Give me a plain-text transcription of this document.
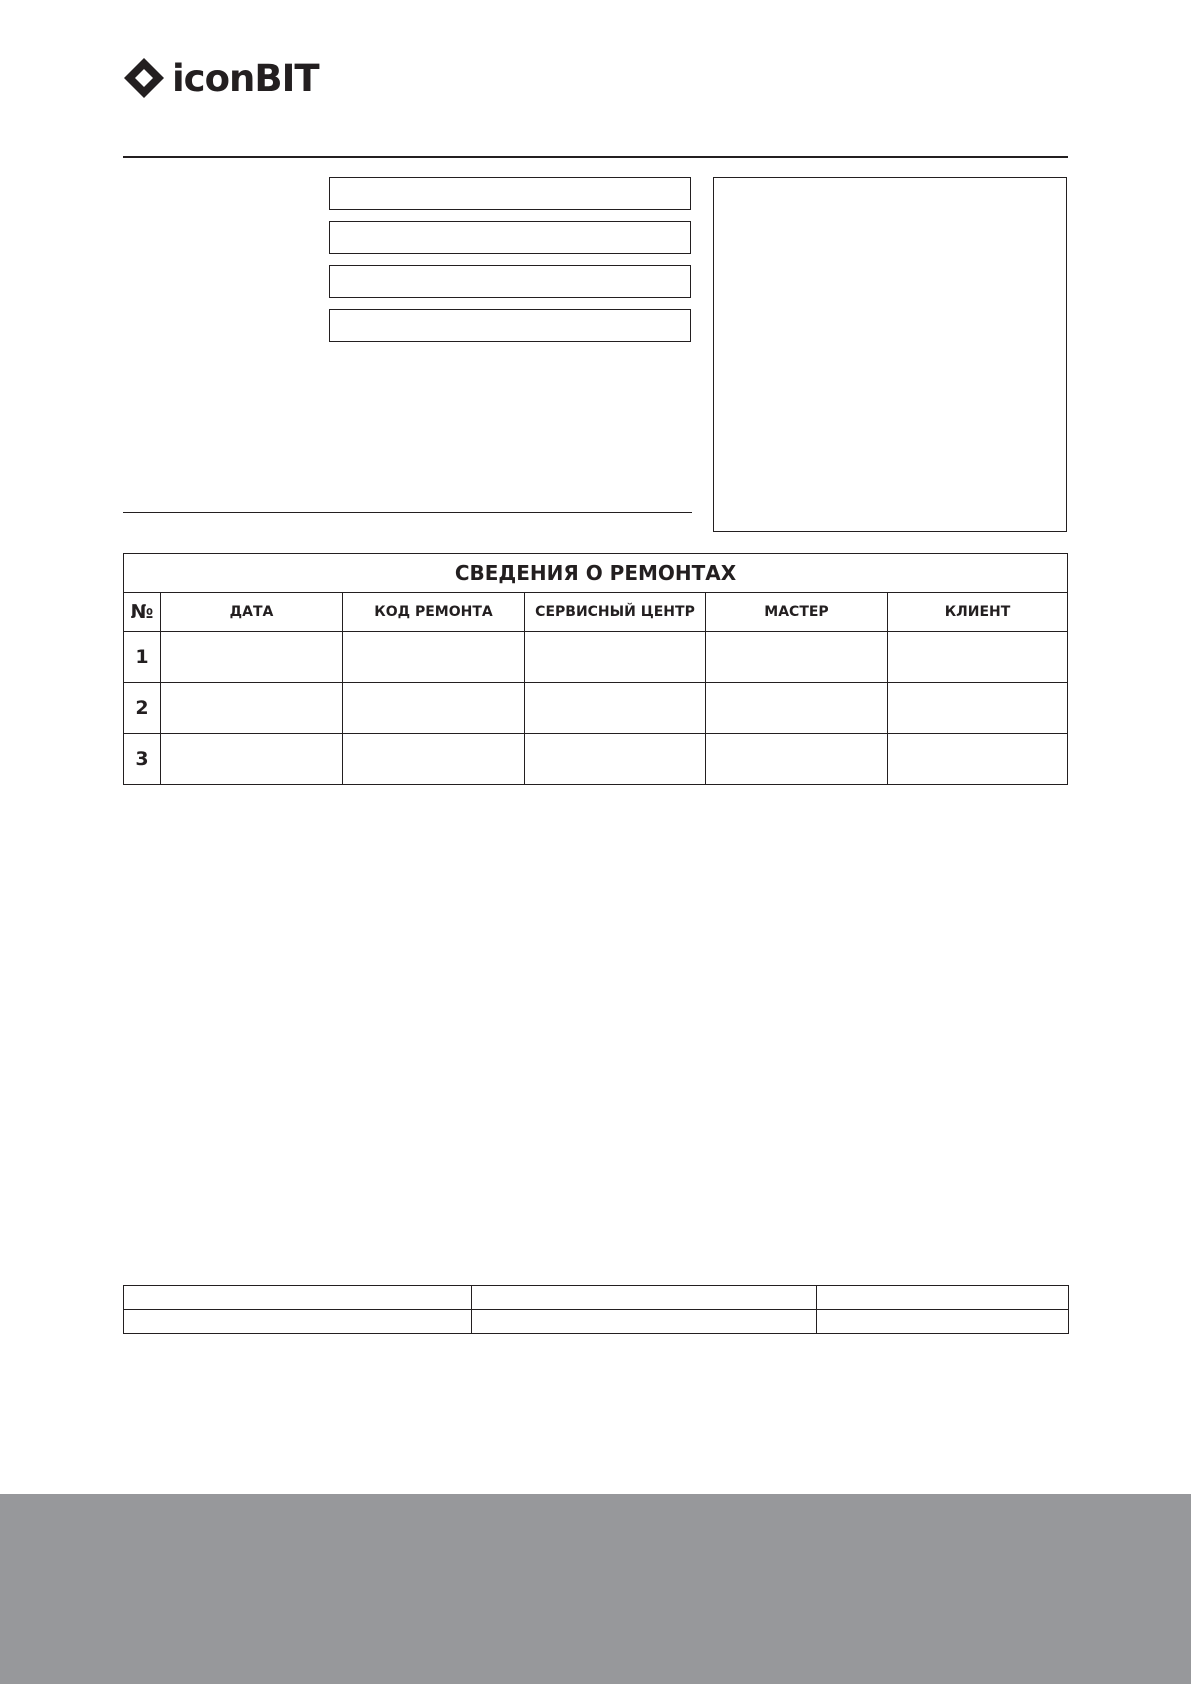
iconBIT
СВЕДЕНИЯ О РЕМОНТАХ					
№	ДАТА	КОД РЕМОНТА	СЕРВИСНЫЙ ЦЕНТР	МАСТЕР	КЛИЕНТ
1					
2					
3					
